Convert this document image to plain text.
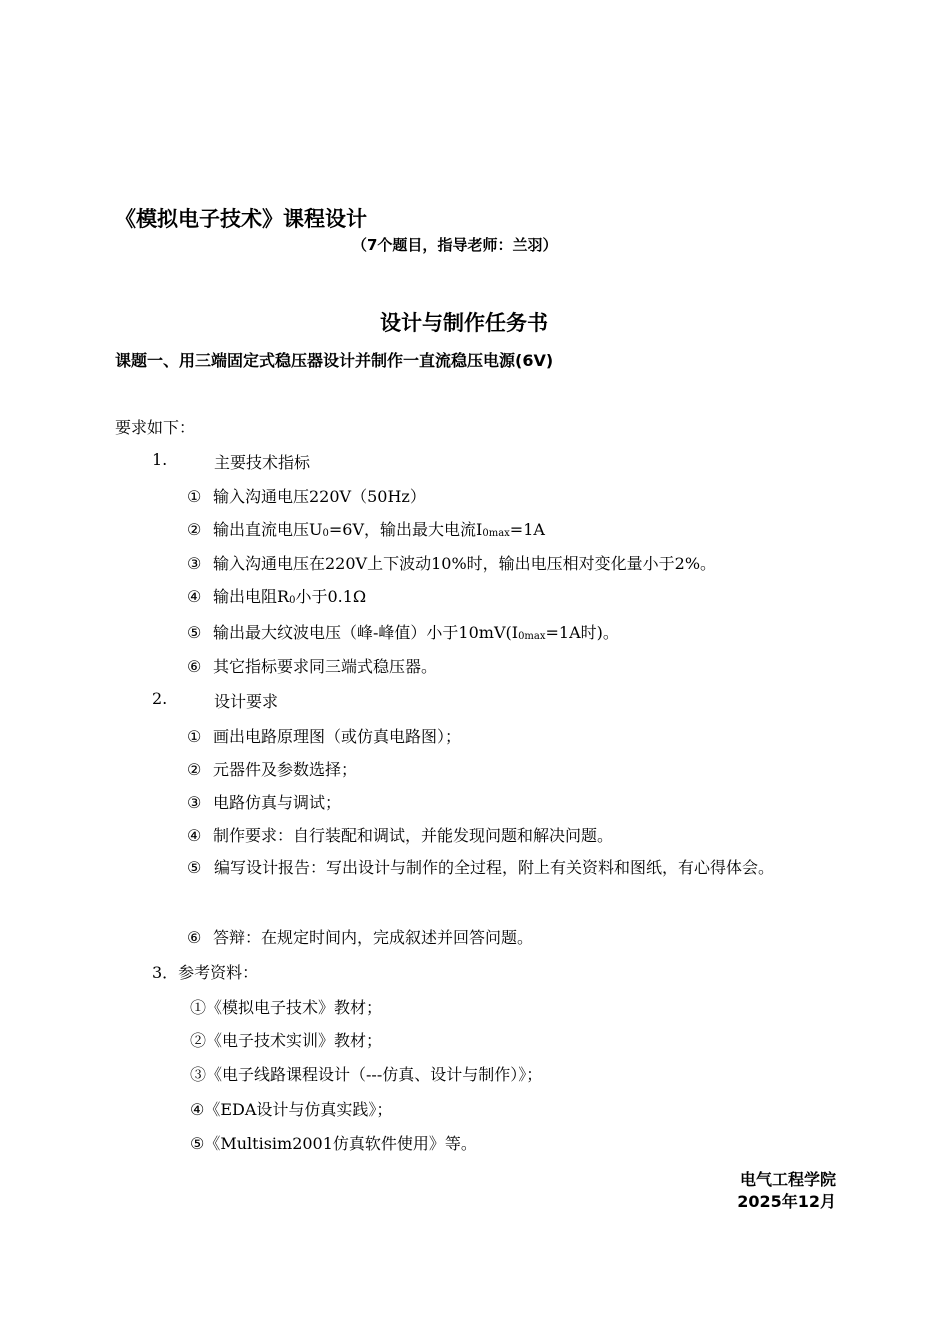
《模拟电子技术》课程设计
（7个题目，指导老师：兰羽）
设计与制作任务书
课题一、用三端固定式稳压器设计并制作一直流稳压电源(6V)
要求如下：
1.	主要技术指标
① 输入沟通电压220V（50Hz）
② 输出直流电压$U_0=6V$，输出最大电流$I_{0max}=1A$
③ 输入沟通电压在220V上下波动10%时，输出电压相对变化量小于2%。
④ 输出电阻$R_0$小于0.1Ω
⑤ 输出最大纹波电压（峰-峰值）小于$10mV(I_{0max}=1A$时)。
⑥ 其它指标要求同三端式稳压器。
2.	设计要求
① 画出电路原理图（或仿真电路图）；
② 元器件及参数选择；
③ 电路仿真与调试；
④ 制作要求：自行装配和调试，并能发现问题和解决问题。
⑤ 编写设计报告：写出设计与制作的全过程，附上有关资料和图纸，有心得体会。
⑥ 答辩：在规定时间内，完成叙述并回答问题。
3．参考资料：
①《模拟电子技术》教材；
②《电子技术实训》教材；
③《电子线路课程设计（---仿真、设计与制作）》；
④《EDA设计与仿真实践》；
⑤《Multisim2001仿真软件使用》等。
电气工程学院
2025年12月
